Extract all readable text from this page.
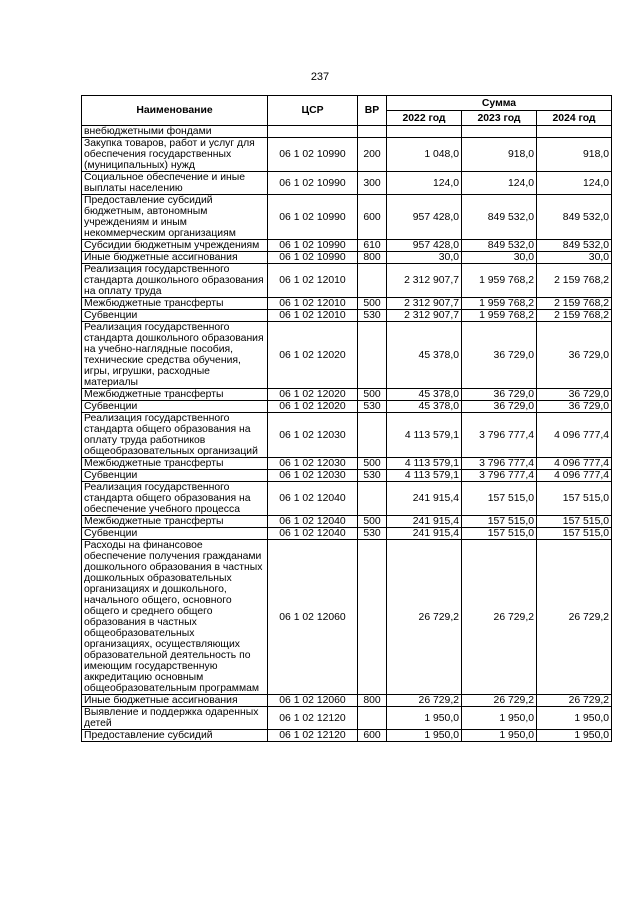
237
Наименование	ЦСР	ВР	Сумма		
			2022 год	2023 год	2024 год
внебюджетными фондами					
Закупка товаров, работ и услуг для обеспечения государственных (муниципальных) нужд	06 1 02 10990	200	1 048,0	918,0	918,0
Социальное обеспечение и иные выплаты населению	06 1 02 10990	300	124,0	124,0	124,0
Предоставление субсидий бюджетным, автономным учреждениям и иным некоммерческим организациям	06 1 02 10990	600	957 428,0	849 532,0	849 532,0
Субсидии бюджетным учреждениям	06 1 02 10990	610	957 428,0	849 532,0	849 532,0
Иные бюджетные ассигнования	06 1 02 10990	800	30,0	30,0	30,0
Реализация государственного стандарта дошкольного образования на оплату труда	06 1 02 12010		2 312 907,7	1 959 768,2	2 159 768,2
Межбюджетные трансферты	06 1 02 12010	500	2 312 907,7	1 959 768,2	2 159 768,2
Субвенции	06 1 02 12010	530	2 312 907,7	1 959 768,2	2 159 768,2
Реализация государственного стандарта дошкольного образования на учебно-наглядные пособия, технические средства обучения, игры, игрушки, расходные материалы	06 1 02 12020		45 378,0	36 729,0	36 729,0
Межбюджетные трансферты	06 1 02 12020	500	45 378,0	36 729,0	36 729,0
Субвенции	06 1 02 12020	530	45 378,0	36 729,0	36 729,0
Реализация государственного стандарта общего образования на оплату труда работников общеобразовательных организаций	06 1 02 12030		4 113 579,1	3 796 777,4	4 096 777,4
Межбюджетные трансферты	06 1 02 12030	500	4 113 579,1	3 796 777,4	4 096 777,4
Субвенции	06 1 02 12030	530	4 113 579,1	3 796 777,4	4 096 777,4
Реализация государственного стандарта общего образования на обеспечение учебного процесса	06 1 02 12040		241 915,4	157 515,0	157 515,0
Межбюджетные трансферты	06 1 02 12040	500	241 915,4	157 515,0	157 515,0
Субвенции	06 1 02 12040	530	241 915,4	157 515,0	157 515,0
Расходы на финансовое обеспечение получения гражданами дошкольного образования в частных дошкольных образовательных организациях и дошкольного, начального общего, основного общего и среднего общего образования в частных общеобразовательных организациях, осуществляющих образовательной деятельность по имеющим государственную аккредитацию основным общеобразовательным программам	06 1 02 12060		26 729,2	26 729,2	26 729,2
Иные бюджетные ассигнования	06 1 02 12060	800	26 729,2	26 729,2	26 729,2
Выявление и поддержка одаренных детей	06 1 02 12120		1 950,0	1 950,0	1 950,0
Предоставление субсидий	06 1 02 12120	600	1 950,0	1 950,0	1 950,0
